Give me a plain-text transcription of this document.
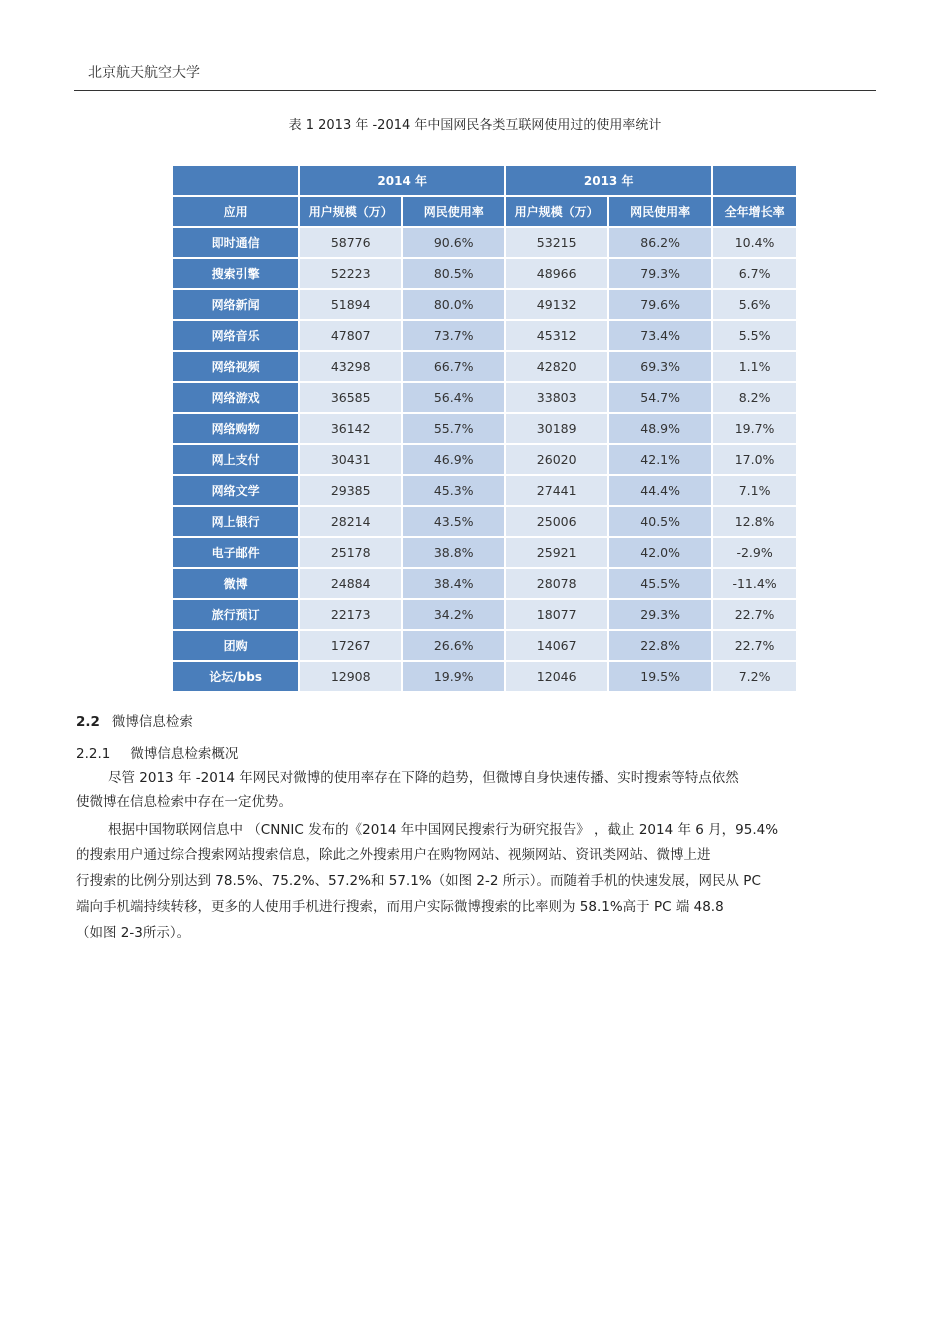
北京航天航空大学
表 1 2013 年 -2014 年中国网民各类互联网使用过的使用率统计
	2014 年		2013 年		
应用	用户规模（万）	网民使用率	用户规模（万）	网民使用率	全年增长率
即时通信	58776	90.6%	53215	86.2%	10.4%
搜索引擎	52223	80.5%	48966	79.3%	6.7%
网络新闻	51894	80.0%	49132	79.6%	5.6%
网络音乐	47807	73.7%	45312	73.4%	5.5%
网络视频	43298	66.7%	42820	69.3%	1.1%
网络游戏	36585	56.4%	33803	54.7%	8.2%
网络购物	36142	55.7%	30189	48.9%	19.7%
网上支付	30431	46.9%	26020	42.1%	17.0%
网络文学	29385	45.3%	27441	44.4%	7.1%
网上银行	28214	43.5%	25006	40.5%	12.8%
电子邮件	25178	38.8%	25921	42.0%	-2.9%
微博	24884	38.4%	28078	45.5%	-11.4%
旅行预订	22173	34.2%	18077	29.3%	22.7%
团购	17267	26.6%	14067	22.8%	22.7%
论坛/bbs	12908	19.9%	12046	19.5%	7.2%
2.2 微博信息检索
2.2.1 微博信息检索概况
尽管 2013 年 -2014 年网民对微博的使用率存在下降的趋势，但微博自身快速传播、实时搜索等特点依然
使微博在信息检索中存在一定优势。
根据中国物联网信息中 （CNNIC 发布的《2014 年中国网民搜索行为研究报告》 ，截止 2014 年 6 月，95.4%
的搜索用户通过综合搜索网站搜索信息，除此之外搜索用户在购物网站、视频网站、资讯类网站、微博上进
行搜索的比例分别达到 78.5%、75.2%、57.2%和 57.1%（如图 2-2 所示）。而随着手机的快速发展，网民从 PC
端向手机端持续转移，更多的人使用手机进行搜索，而用户实际微博搜索的比率则为 58.1%高于 PC 端 48.8
（如图 2-3所示）。
